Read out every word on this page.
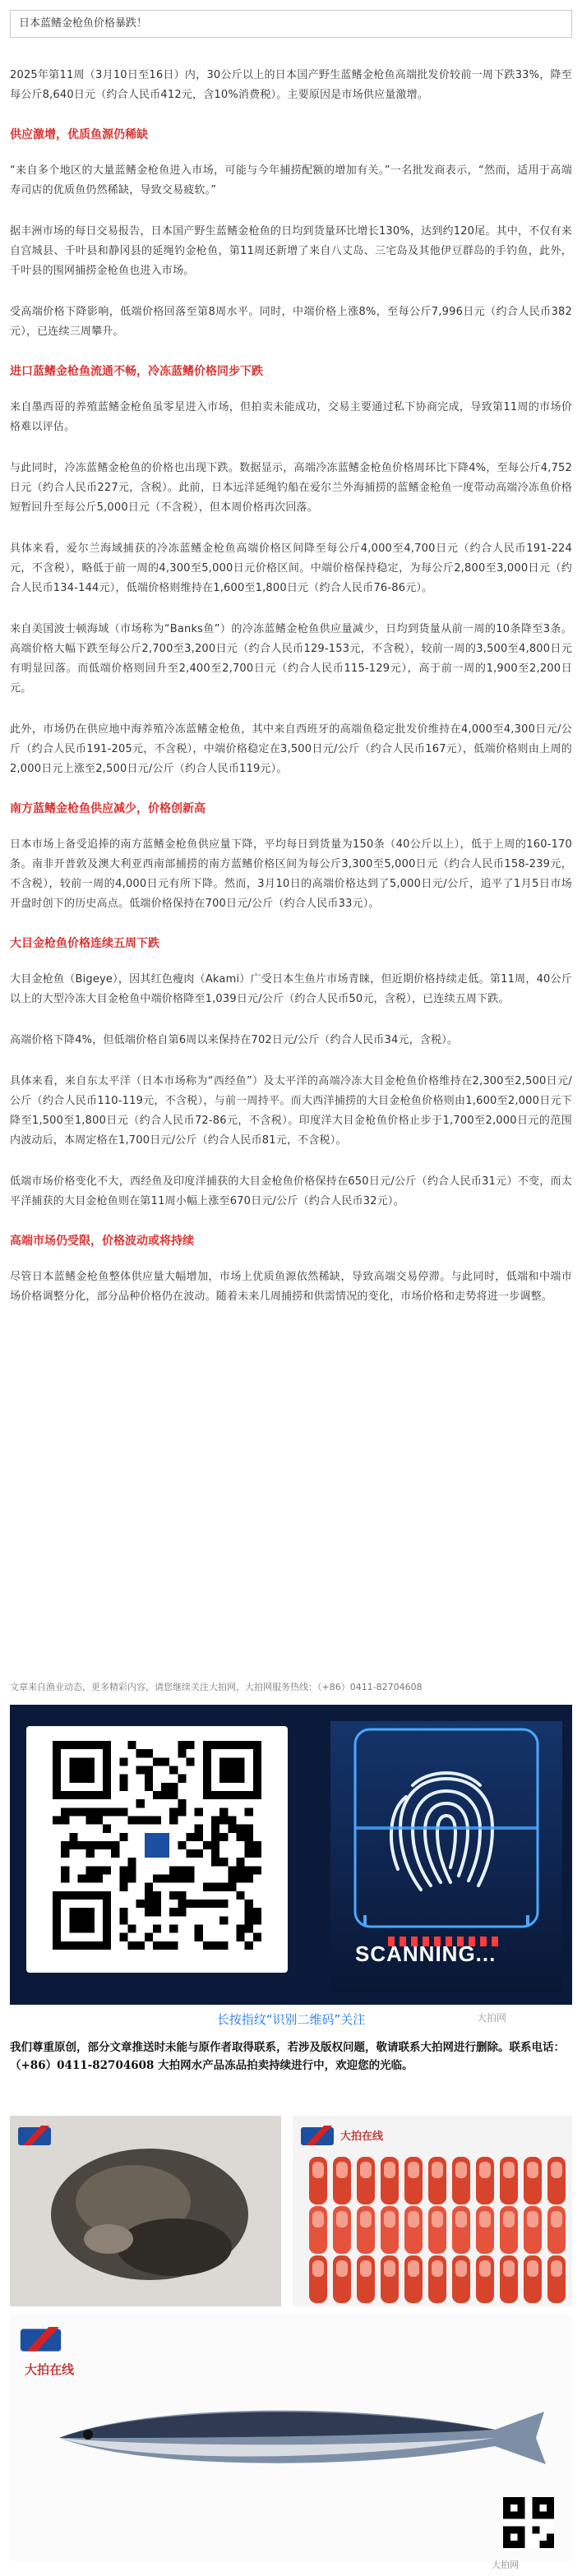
日本蓝鳍金枪鱼价格暴跌！

2025年第11周（3月10日至16日）内，30公斤以上的日本国产野生蓝鳍金枪鱼高端批发价较前一周下跌33%，降至每公斤8,640日元（约合人民币412元，含10%消费税）。主要原因是市场供应量激增。

供应激增，优质鱼源仍稀缺

“来自多个地区的大量蓝鳍金枪鱼进入市场，可能与今年捕捞配额的增加有关。”一名批发商表示，“然而，适用于高端寿司店的优质鱼仍然稀缺，导致交易疲软。”

据丰洲市场的每日交易报告，日本国产野生蓝鳍金枪鱼的日均到货量环比增长130%，达到约120尾。其中，不仅有来自宫城县、千叶县和静冈县的延绳钓金枪鱼，第11周还新增了来自八丈岛、三宅岛及其他伊豆群岛的手钓鱼，此外，千叶县的围网捕捞金枪鱼也进入市场。

受高端价格下降影响，低端价格回落至第8周水平。同时，中端价格上涨8%，至每公斤7,996日元（约合人民币382元），已连续三周攀升。

进口蓝鳍金枪鱼流通不畅，冷冻蓝鳍价格同步下跌

来自墨西哥的养殖蓝鳍金枪鱼虽零星进入市场，但拍卖未能成功，交易主要通过私下协商完成，导致第11周的市场价格难以评估。

与此同时，冷冻蓝鳍金枪鱼的价格也出现下跌。数据显示，高端冷冻蓝鳍金枪鱼价格周环比下降4%，至每公斤4,752日元（约合人民币227元，含税）。此前，日本远洋延绳钓船在爱尔兰外海捕捞的蓝鳍金枪鱼一度带动高端冷冻鱼价格短暂回升至每公斤5,000日元（不含税），但本周价格再次回落。

具体来看，爱尔兰海域捕获的冷冻蓝鳍金枪鱼高端价格区间降至每公斤4,000至4,700日元（约合人民币191-224元，不含税），略低于前一周的4,300至5,000日元价格区间。中端价格保持稳定，为每公斤2,800至3,000日元（约合人民币134-144元），低端价格则维持在1,600至1,800日元（约合人民币76-86元）。

来自美国波士顿海域（市场称为“Banks鱼”）的冷冻蓝鳍金枪鱼供应量减少，日均到货量从前一周的10条降至3条。高端价格大幅下跌至每公斤2,700至3,200日元（约合人民币129-153元，不含税），较前一周的3,500至4,800日元有明显回落。而低端价格则回升至2,400至2,700日元（约合人民币115-129元），高于前一周的1,900至2,200日元。

此外，市场仍在供应地中海养殖冷冻蓝鳍金枪鱼，其中来自西班牙的高端鱼稳定批发价维持在4,000至4,300日元/公斤（约合人民币191-205元，不含税），中端价格稳定在3,500日元/公斤（约合人民币167元），低端价格则由上周的2,000日元上涨至2,500日元/公斤（约合人民币119元）。

南方蓝鳍金枪鱼供应减少，价格创新高

日本市场上备受追捧的南方蓝鳍金枪鱼供应量下降，平均每日到货量为150条（40公斤以上），低于上周的160-170条。南非开普敦及澳大利亚西南部捕捞的南方蓝鳍价格区间为每公斤3,300至5,000日元（约合人民币158-239元，不含税），较前一周的4,000日元有所下降。然而，3月10日的高端价格达到了5,000日元/公斤，追平了1月5日市场开盘时创下的历史高点。低端价格保持在700日元/公斤（约合人民币33元）。

大目金枪鱼价格连续五周下跌

大目金枪鱼（Bigeye），因其红色瘦肉（Akami）广受日本生鱼片市场青睐，但近期价格持续走低。第11周，40公斤以上的大型冷冻大目金枪鱼中端价格降至1,039日元/公斤（约合人民币50元，含税），已连续五周下跌。

高端价格下降4%，但低端价格自第6周以来保持在702日元/公斤（约合人民币34元，含税）。

具体来看，来自东太平洋（日本市场称为“西经鱼”）及太平洋的高端冷冻大目金枪鱼价格维持在2,300至2,500日元/公斤（约合人民币110-119元，不含税），与前一周持平。而大西洋捕捞的大目金枪鱼价格则由1,600至2,000日元下降至1,500至1,800日元（约合人民币72-86元，不含税）。印度洋大目金枪鱼价格止步于1,700至2,000日元的范围内波动后，本周定格在1,700日元/公斤（约合人民币81元，不含税）。

低端市场价格变化不大，西经鱼及印度洋捕获的大目金枪鱼价格保持在650日元/公斤（约合人民币31元）不变，而太平洋捕获的大目金枪鱼则在第11周小幅上涨至670日元/公斤（约合人民币32元）。

高端市场仍受限，价格波动或将持续

尽管日本蓝鳍金枪鱼整体供应量大幅增加，市场上优质鱼源依然稀缺，导致高端交易停滞。与此同时，低端和中端市场价格调整分化，部分品种价格仍在波动。随着未来几周捕捞和供需情况的变化，市场价格和走势将进一步调整。

文章来自渔业动态，更多精彩内容，请您继续关注大拍网，大拍网服务热线：（+86）0411-82704608
SCANNING...
长按指纹“识别二维码”关注	大拍网
我们尊重原创，部分文章推送时未能与原作者取得联系，若涉及版权问题，敬请联系大拍网进行删除。联系电话：（+86）0411-82704608 大拍网水产品冻品拍卖持续进行中，欢迎您的光临。
大拍在线
大拍在线
大拍网
